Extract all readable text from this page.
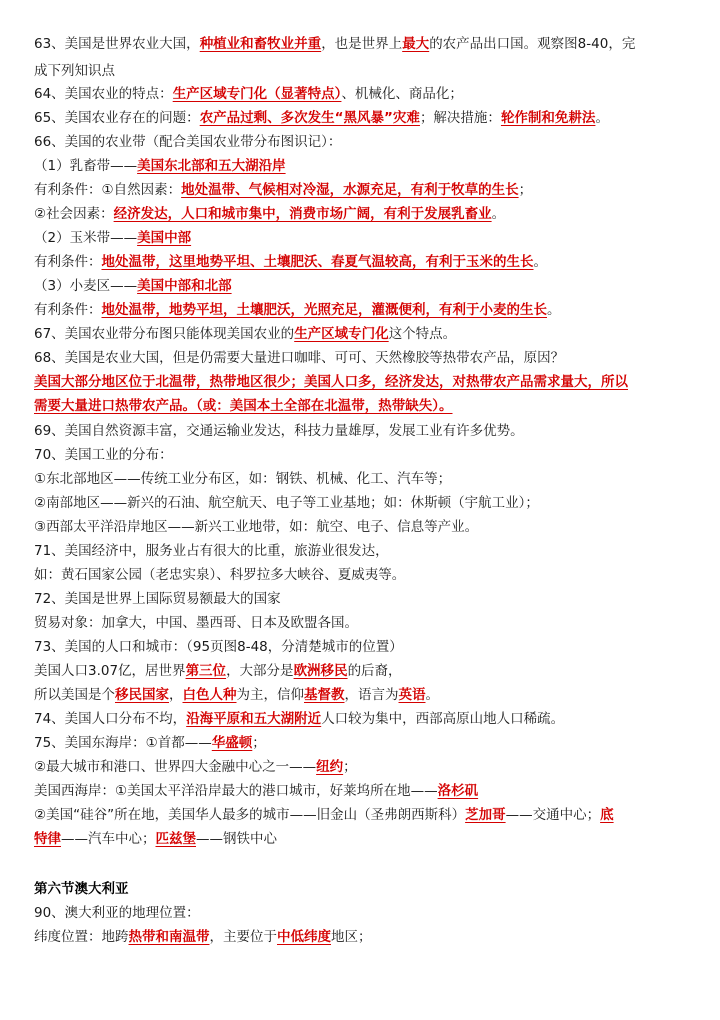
63、美国是世界农业大国，种植业和畜牧业并重，也是世界上最大的农产品出口国。观察图8-40，完
成下列知识点
64、美国农业的特点：生产区域专门化（显著特点）、机械化、商品化；
65、美国农业存在的问题：农产品过剩、多次发生“黑风暴”灾难；解决措施：轮作制和免耕法。
66、美国的农业带（配合美国农业带分布图识记）：
（1）乳畜带——美国东北部和五大湖沿岸
有利条件：①自然因素：地处温带、气候相对冷湿，水源充足，有利于牧草的生长；
②社会因素：经济发达，人口和城市集中，消费市场广阔，有利于发展乳畜业。
（2）玉米带——美国中部
有利条件：地处温带，这里地势平坦、土壤肥沃、春夏气温较高，有利于玉米的生长。
（3）小麦区——美国中部和北部
有利条件：地处温带，地势平坦，土壤肥沃，光照充足，灌溉便利，有利于小麦的生长。
67、美国农业带分布图只能体现美国农业的生产区域专门化这个特点。
68、美国是农业大国，但是仍需要大量进口咖啡、可可、天然橡胶等热带农产品，原因？
美国大部分地区位于北温带，热带地区很少；美国人口多，经济发达，对热带农产品需求量大，所以
需要大量进口热带农产品。（或：美国本土全部在北温带，热带缺失）。
69、美国自然资源丰富，交通运输业发达，科技力量雄厚，发展工业有许多优势。
70、美国工业的分布：
①东北部地区——传统工业分布区，如：钢铁、机械、化工、汽车等；
②南部地区——新兴的石油、航空航天、电子等工业基地；如：休斯顿（宇航工业）；
③西部太平洋沿岸地区——新兴工业地带，如：航空、电子、信息等产业。
71、美国经济中，服务业占有很大的比重，旅游业很发达，
如：黄石国家公园（老忠实泉）、科罗拉多大峡谷、夏威夷等。
72、美国是世界上国际贸易额最大的国家
贸易对象：加拿大，中国、墨西哥、日本及欧盟各国。
73、美国的人口和城市：（95页图8-48，分清楚城市的位置）
美国人口3.07亿，居世界第三位，大部分是欧洲移民的后裔，
所以美国是个移民国家，白色人种为主，信仰基督教，语言为英语。
74、美国人口分布不均，沿海平原和五大湖附近人口较为集中，西部高原山地人口稀疏。
75、美国东海岸：①首都——华盛顿；
②最大城市和港口、世界四大金融中心之一——纽约；
美国西海岸：①美国太平洋沿岸最大的港口城市，好莱坞所在地——洛杉矶
②美国“硅谷”所在地，美国华人最多的城市——旧金山（圣弗朗西斯科）芝加哥——交通中心；底
特律——汽车中心；匹兹堡——钢铁中心
第六节澳大利亚
90、澳大利亚的地理位置：
纬度位置：地跨热带和南温带，主要位于中低纬度地区；
